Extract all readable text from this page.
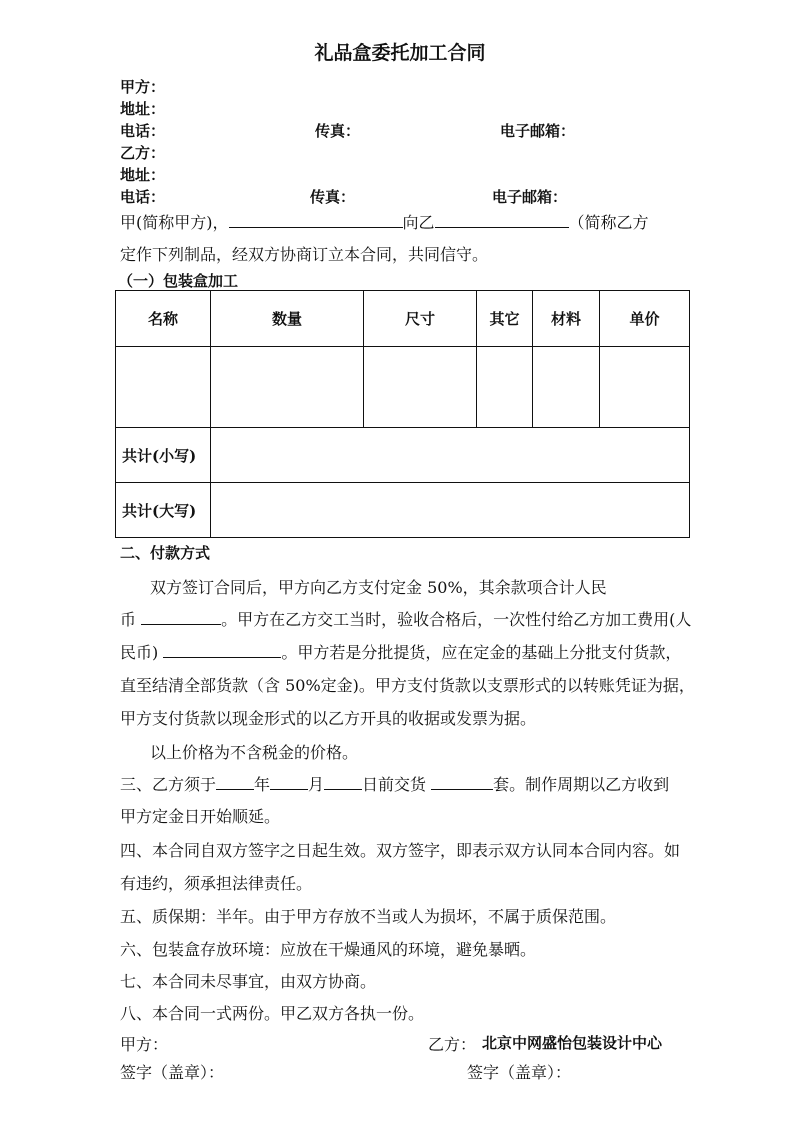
礼品盒委托加工合同
甲方：
地址：
电话：	传真：	电子邮箱：
乙方：
地址：
电话：	传真：	电子邮箱：
甲(简称甲方)，	向乙	（简称乙方
定作下列制品，经双方协商订立本合同，共同信守。
（一）包装盒加工
名称	数量	尺寸	其它	材料	单价

共计(小写)					
共计(大写)					
二、付款方式
双方签订合同后，甲方向乙方支付定金 50%，其余款项合计人民
币	。甲方在乙方交工当时，验收合格后，一次性付给乙方加工费用(人
民币)	。甲方若是分批提货，应在定金的基础上分批支付货款，
直至结清全部货款（含 50%定金)。甲方支付货款以支票形式的以转账凭证为据，
甲方支付货款以现金形式的以乙方开具的收据或发票为据。
以上价格为不含税金的价格。
三、乙方须于 年 月 日前交货	套。制作周期以乙方收到
甲方定金日开始顺延。
四、本合同自双方签字之日起生效。双方签字，即表示双方认同本合同内容。如
有违约，须承担法律责任。
五、质保期：半年。由于甲方存放不当或人为损坏，不属于质保范围。
六、包装盒存放环境：应放在干燥通风的环境，避免暴晒。
七、本合同未尽事宜，由双方协商。
八、本合同一式两份。甲乙双方各执一份。
甲方：	乙方： 北京中网盛怡包装设计中心
签字（盖章）：	签字（盖章）：
